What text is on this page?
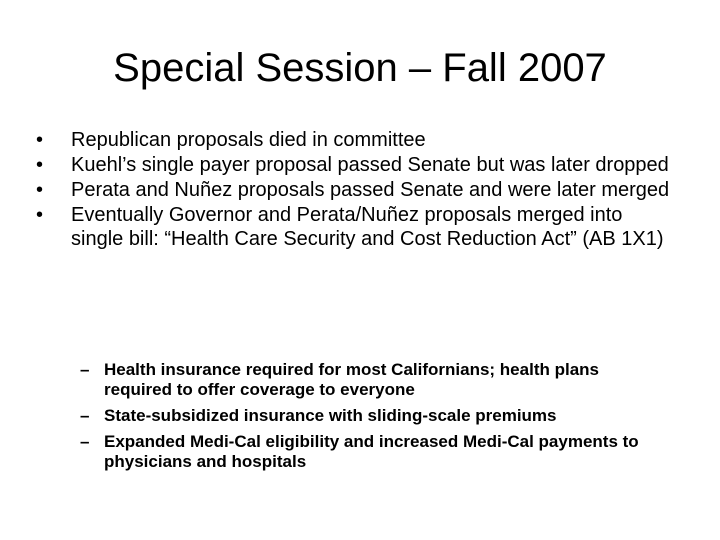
Special Session – Fall 2007
•	Republican proposals died in committee
•	Kuehl’s single payer proposal passed Senate but was later dropped
•	Perata and Nuñez proposals passed Senate and were later merged
•	Eventually Governor and Perata/Nuñez proposals merged into single bill: “Health Care Security and Cost Reduction Act” (AB 1X1)
– Health insurance required for most Californians; health plans required to offer coverage to everyone
– State-subsidized insurance with sliding-scale premiums
– Expanded Medi-Cal eligibility and increased Medi-Cal payments to physicians and hospitals
